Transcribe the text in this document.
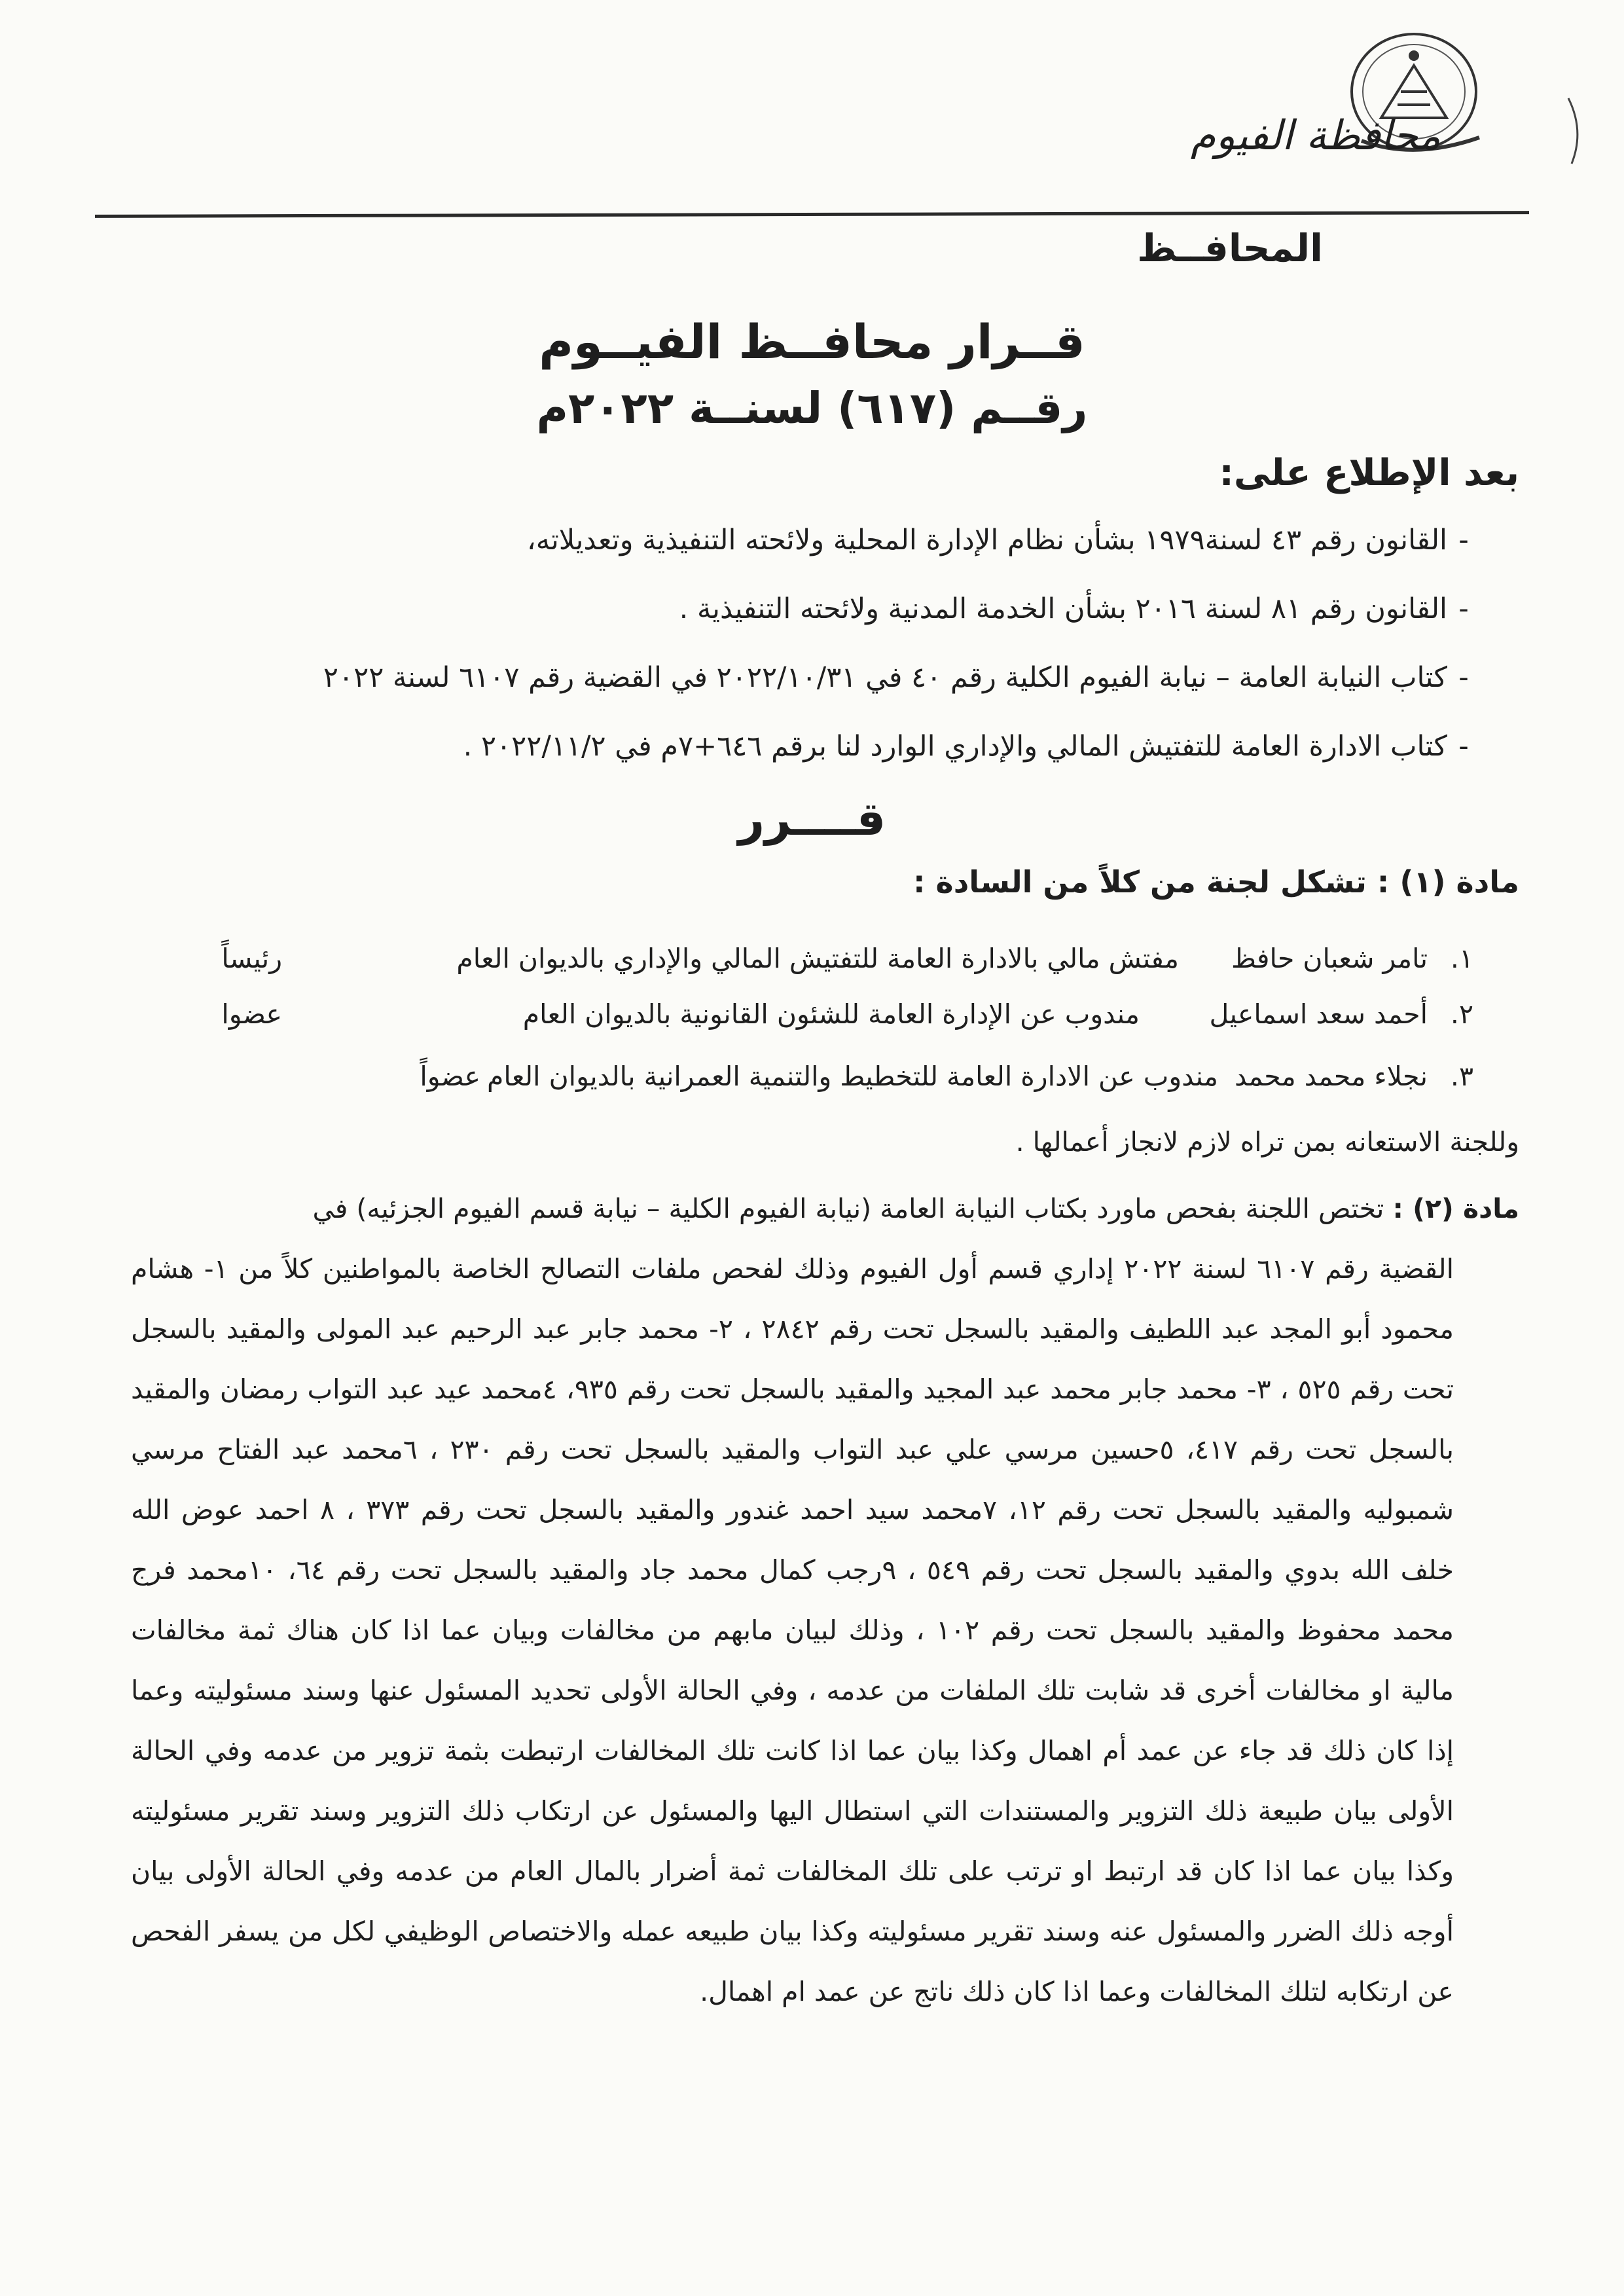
محافظة الفيوم
المحافــظ
قــرار محافــظ الفيــوم
رقــم (٦١٧) لسنــة ٢٠٢٢م
بعد الإطلاع على:
-القانون رقم ٤٣ لسنة١٩٧٩ بشأن نظام الإدارة المحلية ولائحته التنفيذية وتعديلاته،
-القانون رقم ٨١ لسنة ٢٠١٦ بشأن الخدمة المدنية ولائحته التنفيذية .
-كتاب النيابة العامة – نيابة الفيوم الكلية رقم ٤٠ في ٢٠٢٢/١٠/٣١ في القضية رقم ٦١٠٧ لسنة ٢٠٢٢
-كتاب الادارة العامة للتفتيش المالي والإداري الوارد لنا برقم ٦٤٦+٧م في ٢٠٢٢/١١/٢ .
قــــرر
مادة (١) : تشكل لجنة من كلاً من السادة :
١.تامر شعبان حافظمفتش مالي بالادارة العامة للتفتيش المالي والإداري بالديوان العامرئيساً
٢.أحمد سعد اسماعيلمندوب عن الإدارة العامة للشئون القانونية بالديوان العامعضوا
٣.نجلاء محمد محمدمندوب عن الادارة العامة للتخطيط والتنمية العمرانية بالديوان العامعضواً
وللجنة الاستعانه بمن تراه لازم لانجاز أعمالها .
مادة (٢) : تختص اللجنة بفحص ماورد بكتاب النيابة العامة (نيابة الفيوم الكلية – نيابة قسم الفيوم الجزئيه) في
القضية رقم ٦١٠٧ لسنة ٢٠٢٢ إداري قسم أول الفيوم وذلك لفحص ملفات التصالح الخاصة بالمواطنين كلاً من ١- هشام محمود أبو المجد عبد اللطيف والمقيد بالسجل تحت رقم ٢٨٤٢ ، ٢- محمد جابر عبد الرحيم عبد المولى والمقيد بالسجل تحت رقم ٥٢٥ ، ٣- محمد جابر محمد عبد المجيد والمقيد بالسجل تحت رقم ٩٣٥، ٤محمد عيد عبد التواب رمضان والمقيد بالسجل تحت رقم ٤١٧، ٥حسين مرسي علي عبد التواب والمقيد بالسجل تحت رقم ٢٣٠ ، ٦محمد عبد الفتاح مرسي شمبوليه والمقيد بالسجل تحت رقم ١٢، ٧محمد سيد احمد غندور والمقيد بالسجل تحت رقم ٣٧٣ ، ٨ احمد عوض الله خلف الله بدوي والمقيد بالسجل تحت رقم ٥٤٩ ، ٩رجب كمال محمد جاد والمقيد بالسجل تحت رقم ٦٤، ١٠محمد فرج محمد محفوظ والمقيد بالسجل تحت رقم ١٠٢ ، وذلك لبيان مابهم من مخالفات وبيان عما اذا كان هناك ثمة مخالفات مالية او مخالفات أخرى قد شابت تلك الملفات من عدمه ، وفي الحالة الأولى تحديد المسئول عنها وسند مسئوليته وعما إذا كان ذلك قد جاء عن عمد أم اهمال وكذا بيان عما اذا كانت تلك المخالفات ارتبطت بثمة تزوير من عدمه وفي الحالة الأولى بيان طبيعة ذلك التزوير والمستندات التي استطال اليها والمسئول عن ارتكاب ذلك التزوير وسند تقرير مسئوليته وكذا بيان عما اذا كان قد ارتبط او ترتب على تلك المخالفات ثمة أضرار بالمال العام من عدمه وفي الحالة الأولى بيان أوجه ذلك الضرر والمسئول عنه وسند تقرير مسئوليته وكذا بيان طبيعه عمله والاختصاص الوظيفي لكل من يسفر الفحص عن ارتكابه لتلك المخالفات وعما اذا كان ذلك ناتج عن عمد ام اهمال.
